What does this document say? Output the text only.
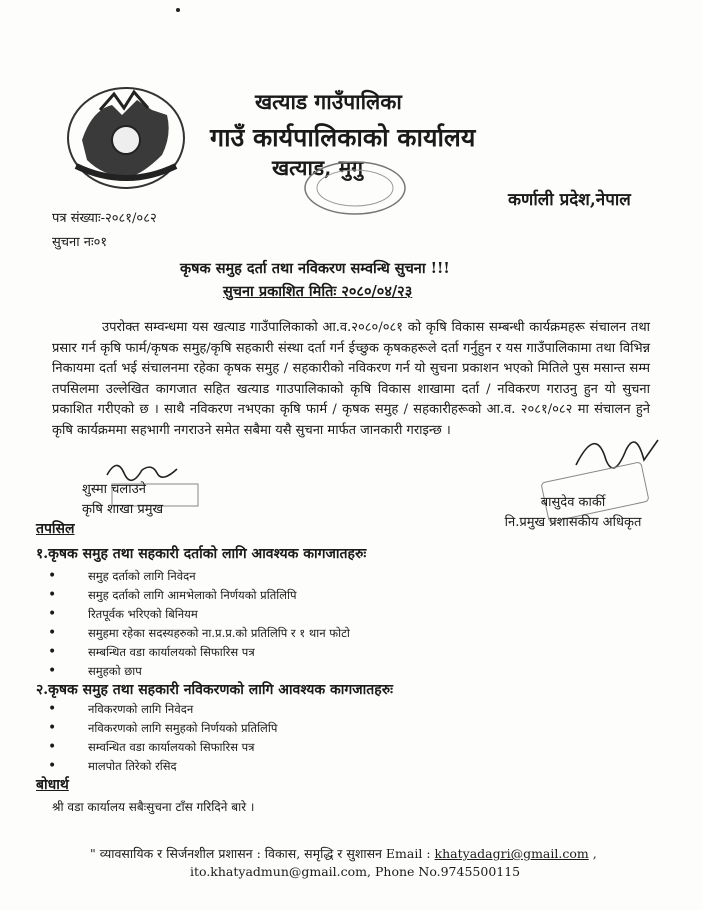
खत्याड गाउँपालिका
गाउँ कार्यपालिकाको कार्यालय
खत्याड, मुगु
कर्णाली प्रदेश,नेपाल
पत्र संख्याः-२०८१/०८२
सुचना नः०१
कृषक समुह दर्ता तथा नविकरण सम्वन्धि सुचना !!!
सुचना प्रकाशित मितिः २०८०/०४/२३
उपरोक्त सम्वन्धमा यस खत्याड गाउँपालिकाको आ.व.२०८०/०८१ को कृषि विकास सम्बन्धी कार्यक्रमहरू संचालन तथा प्रसार गर्न कृषि फार्म/कृषक समुह/कृषि सहकारी संस्था दर्ता गर्न ईच्छुक कृषकहरूले दर्ता गर्नुहुन र यस गाउँपालिकामा तथा विभिन्न निकायमा दर्ता भई संचालनमा रहेका कृषक समुह / सहकारीको नविकरण गर्न यो सुचना प्रकाशन भएको मितिले पुस मसान्त सम्म तपसिलमा उल्लेखित कागजात सहित खत्याड गाउपालिकाको कृषि विकास शाखामा दर्ता / नविकरण गराउनु हुन यो सुचना प्रकाशित गरीएको छ । साथै नविकरण नभएका कृषि फार्म / कृषक समुह / सहकारीहरूको आ.व. २०८१/०८२ मा संचालन हुने कृषि कार्यक्रममा सहभागी नगराउने समेत सबैमा यसै सुचना मार्फत जानकारी गराइन्छ ।
शुस्मा चलाउने
कृषि शाखा प्रमुख	बासुदेव कार्की
नि.प्रमुख प्रशासकीय अधिकृत
तपसिल
१.कृषक समुह तथा सहकारी दर्ताको लागि आवश्यक कागजातहरुः
• समुह दर्ताको लागि निवेदन
• समुह दर्ताको लागि आमभेलाको निर्णयको प्रतिलिपि
• रितपूर्वक भरिएको बिनियम
• समुहमा रहेका सदस्यहरुको ना.प्र.प्र.को प्रतिलिपि र १ थान फोटो
• सम्बन्धित वडा कार्यालयको सिफारिस पत्र
• समुहको छाप
२.कृषक समुह तथा सहकारी नविकरणको लागि आवश्यक कागजातहरुः
• नविकरणको लागि निवेदन
• नविकरणको लागि समुहको निर्णयको प्रतिलिपि
• सम्वन्धित वडा कार्यालयको सिफारिस पत्र
• मालपोत तिरेको रसिद
बोधार्थ
श्री वडा कार्यालय सबैःसुचना टाँस गरिदिने बारे ।
" व्यावसायिक र सिर्जनशील प्रशासन : विकास, समृद्धि र सुशासन Email : khatyadagri@gmail.com ,
ito.khatyadmun@gmail.com, Phone No.9745500115
